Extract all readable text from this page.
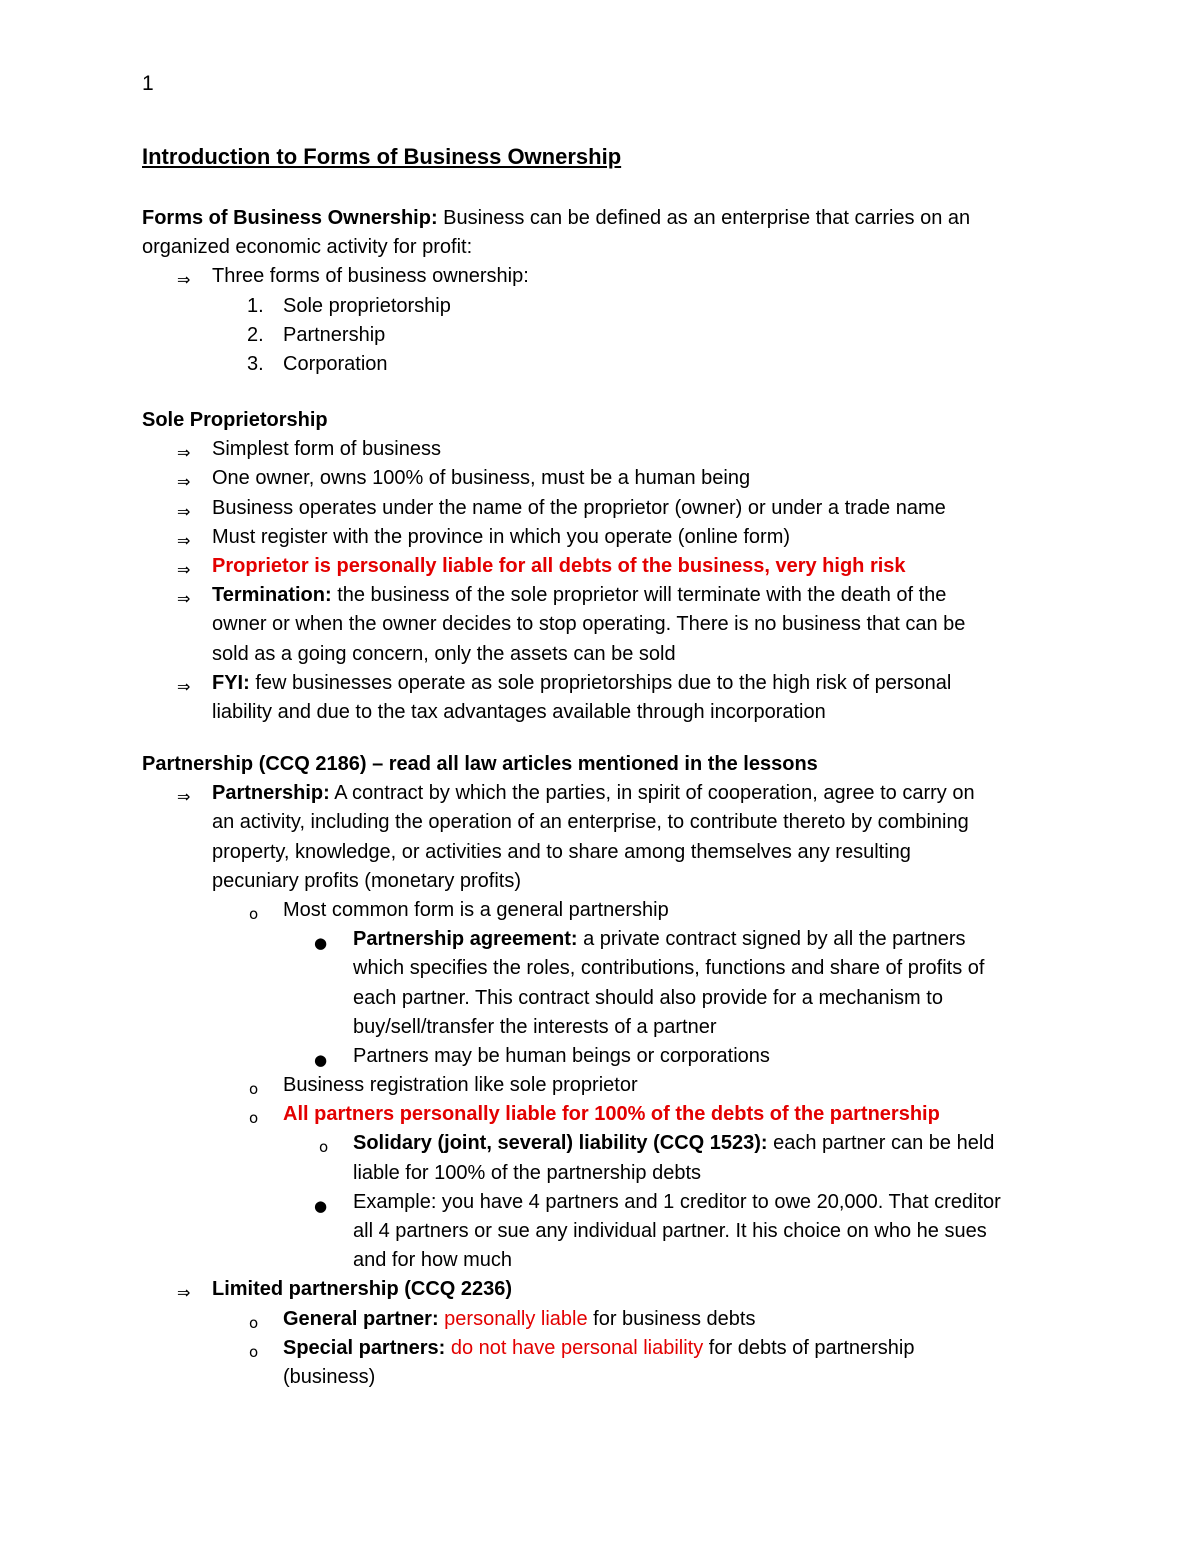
1
Introduction to Forms of Business Ownership
Forms of Business Ownership: Business can be defined as an enterprise that carries on an
organized economic activity for profit:
⇒ Three forms of business ownership:
1. Sole proprietorship
2. Partnership
3. Corporation
Sole Proprietorship
⇒ Simplest form of business
⇒ One owner, owns 100% of business, must be a human being
⇒ Business operates under the name of the proprietor (owner) or under a trade name
⇒ Must register with the province in which you operate (online form)
⇒ Proprietor is personally liable for all debts of the business, very high risk
⇒ Termination: the business of the sole proprietor will terminate with the death of the
owner or when the owner decides to stop operating. There is no business that can be
sold as a going concern, only the assets can be sold
⇒ FYI: few businesses operate as sole proprietorships due to the high risk of personal
liability and due to the tax advantages available through incorporation
Partnership (CCQ 2186) – read all law articles mentioned in the lessons
⇒ Partnership: A contract by which the parties, in spirit of cooperation, agree to carry on
an activity, including the operation of an enterprise, to contribute thereto by combining
property, knowledge, or activities and to share among themselves any resulting
pecuniary profits (monetary profits)
o Most common form is a general partnership
● Partnership agreement: a private contract signed by all the partners
which specifies the roles, contributions, functions and share of profits of
each partner. This contract should also provide for a mechanism to
buy/sell/transfer the interests of a partner
● Partners may be human beings or corporations
o Business registration like sole proprietor
o All partners personally liable for 100% of the debts of the partnership
o Solidary (joint, several) liability (CCQ 1523): each partner can be held
liable for 100% of the partnership debts
● Example: you have 4 partners and 1 creditor to owe 20,000. That creditor
all 4 partners or sue any individual partner. It his choice on who he sues
and for how much
⇒ Limited partnership (CCQ 2236)
o General partner: personally liable for business debts
o Special partners: do not have personal liability for debts of partnership
(business)
